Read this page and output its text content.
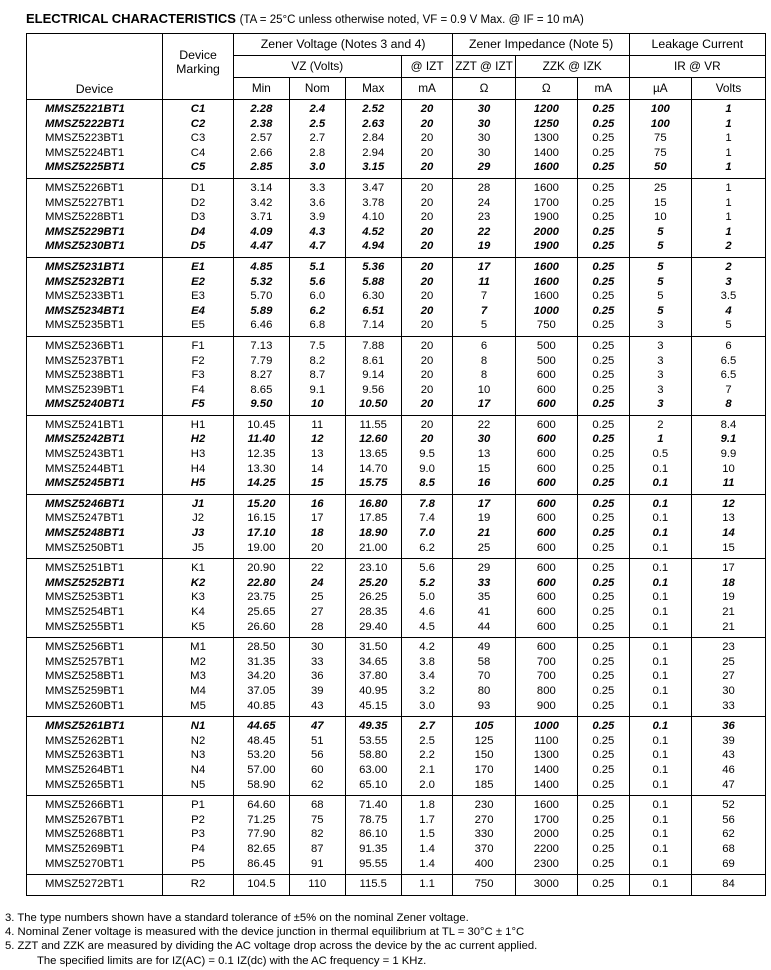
ELECTRICAL CHARACTERISTICS (TA = 25°C unless otherwise noted, VF = 0.9 V Max. @ IF = 10 mA)
Device	Device Marking	Zener Voltage (Notes 3 and 4)				Zener Impedance (Note 5)			Leakage Current	
		VZ (Volts)			@ IZT	ZZT @ IZT	ZZK @ IZK		IR @ VR	
		Min	Nom	Max	mA	Ω	Ω	mA	µA	Volts
MMSZ5221BT1	C1	2.28	2.4	2.52	20	30	1200	0.25	100	1
MMSZ5222BT1	C2	2.38	2.5	2.63	20	30	1250	0.25	100	1
MMSZ5223BT1	C3	2.57	2.7	2.84	20	30	1300	0.25	75	1
MMSZ5224BT1	C4	2.66	2.8	2.94	20	30	1400	0.25	75	1
MMSZ5225BT1	C5	2.85	3.0	3.15	20	29	1600	0.25	50	1
MMSZ5226BT1	D1	3.14	3.3	3.47	20	28	1600	0.25	25	1
MMSZ5227BT1	D2	3.42	3.6	3.78	20	24	1700	0.25	15	1
MMSZ5228BT1	D3	3.71	3.9	4.10	20	23	1900	0.25	10	1
MMSZ5229BT1	D4	4.09	4.3	4.52	20	22	2000	0.25	5	1
MMSZ5230BT1	D5	4.47	4.7	4.94	20	19	1900	0.25	5	2
MMSZ5231BT1	E1	4.85	5.1	5.36	20	17	1600	0.25	5	2
MMSZ5232BT1	E2	5.32	5.6	5.88	20	11	1600	0.25	5	3
MMSZ5233BT1	E3	5.70	6.0	6.30	20	7	1600	0.25	5	3.5
MMSZ5234BT1	E4	5.89	6.2	6.51	20	7	1000	0.25	5	4
MMSZ5235BT1	E5	6.46	6.8	7.14	20	5	750	0.25	3	5
MMSZ5236BT1	F1	7.13	7.5	7.88	20	6	500	0.25	3	6
MMSZ5237BT1	F2	7.79	8.2	8.61	20	8	500	0.25	3	6.5
MMSZ5238BT1	F3	8.27	8.7	9.14	20	8	600	0.25	3	6.5
MMSZ5239BT1	F4	8.65	9.1	9.56	20	10	600	0.25	3	7
MMSZ5240BT1	F5	9.50	10	10.50	20	17	600	0.25	3	8
MMSZ5241BT1	H1	10.45	11	11.55	20	22	600	0.25	2	8.4
MMSZ5242BT1	H2	11.40	12	12.60	20	30	600	0.25	1	9.1
MMSZ5243BT1	H3	12.35	13	13.65	9.5	13	600	0.25	0.5	9.9
MMSZ5244BT1	H4	13.30	14	14.70	9.0	15	600	0.25	0.1	10
MMSZ5245BT1	H5	14.25	15	15.75	8.5	16	600	0.25	0.1	11
MMSZ5246BT1	J1	15.20	16	16.80	7.8	17	600	0.25	0.1	12
MMSZ5247BT1	J2	16.15	17	17.85	7.4	19	600	0.25	0.1	13
MMSZ5248BT1	J3	17.10	18	18.90	7.0	21	600	0.25	0.1	14
MMSZ5250BT1	J5	19.00	20	21.00	6.2	25	600	0.25	0.1	15
MMSZ5251BT1	K1	20.90	22	23.10	5.6	29	600	0.25	0.1	17
MMSZ5252BT1	K2	22.80	24	25.20	5.2	33	600	0.25	0.1	18
MMSZ5253BT1	K3	23.75	25	26.25	5.0	35	600	0.25	0.1	19
MMSZ5254BT1	K4	25.65	27	28.35	4.6	41	600	0.25	0.1	21
MMSZ5255BT1	K5	26.60	28	29.40	4.5	44	600	0.25	0.1	21
MMSZ5256BT1	M1	28.50	30	31.50	4.2	49	600	0.25	0.1	23
MMSZ5257BT1	M2	31.35	33	34.65	3.8	58	700	0.25	0.1	25
MMSZ5258BT1	M3	34.20	36	37.80	3.4	70	700	0.25	0.1	27
MMSZ5259BT1	M4	37.05	39	40.95	3.2	80	800	0.25	0.1	30
MMSZ5260BT1	M5	40.85	43	45.15	3.0	93	900	0.25	0.1	33
MMSZ5261BT1	N1	44.65	47	49.35	2.7	105	1000	0.25	0.1	36
MMSZ5262BT1	N2	48.45	51	53.55	2.5	125	1100	0.25	0.1	39
MMSZ5263BT1	N3	53.20	56	58.80	2.2	150	1300	0.25	0.1	43
MMSZ5264BT1	N4	57.00	60	63.00	2.1	170	1400	0.25	0.1	46
MMSZ5265BT1	N5	58.90	62	65.10	2.0	185	1400	0.25	0.1	47
MMSZ5266BT1	P1	64.60	68	71.40	1.8	230	1600	0.25	0.1	52
MMSZ5267BT1	P2	71.25	75	78.75	1.7	270	1700	0.25	0.1	56
MMSZ5268BT1	P3	77.90	82	86.10	1.5	330	2000	0.25	0.1	62
MMSZ5269BT1	P4	82.65	87	91.35	1.4	370	2200	0.25	0.1	68
MMSZ5270BT1	P5	86.45	91	95.55	1.4	400	2300	0.25	0.1	69
MMSZ5272BT1	R2	104.5	110	115.5	1.1	750	3000	0.25	0.1	84
3. The type numbers shown have a standard tolerance of ±5% on the nominal Zener voltage.
4. Nominal Zener voltage is measured with the device junction in thermal equilibrium at TL = 30°C ± 1°C
5. ZZT and ZZK are measured by dividing the AC voltage drop across the device by the ac current applied.
The specified limits are for IZ(AC) = 0.1 IZ(dc) with the AC frequency = 1 KHz.
